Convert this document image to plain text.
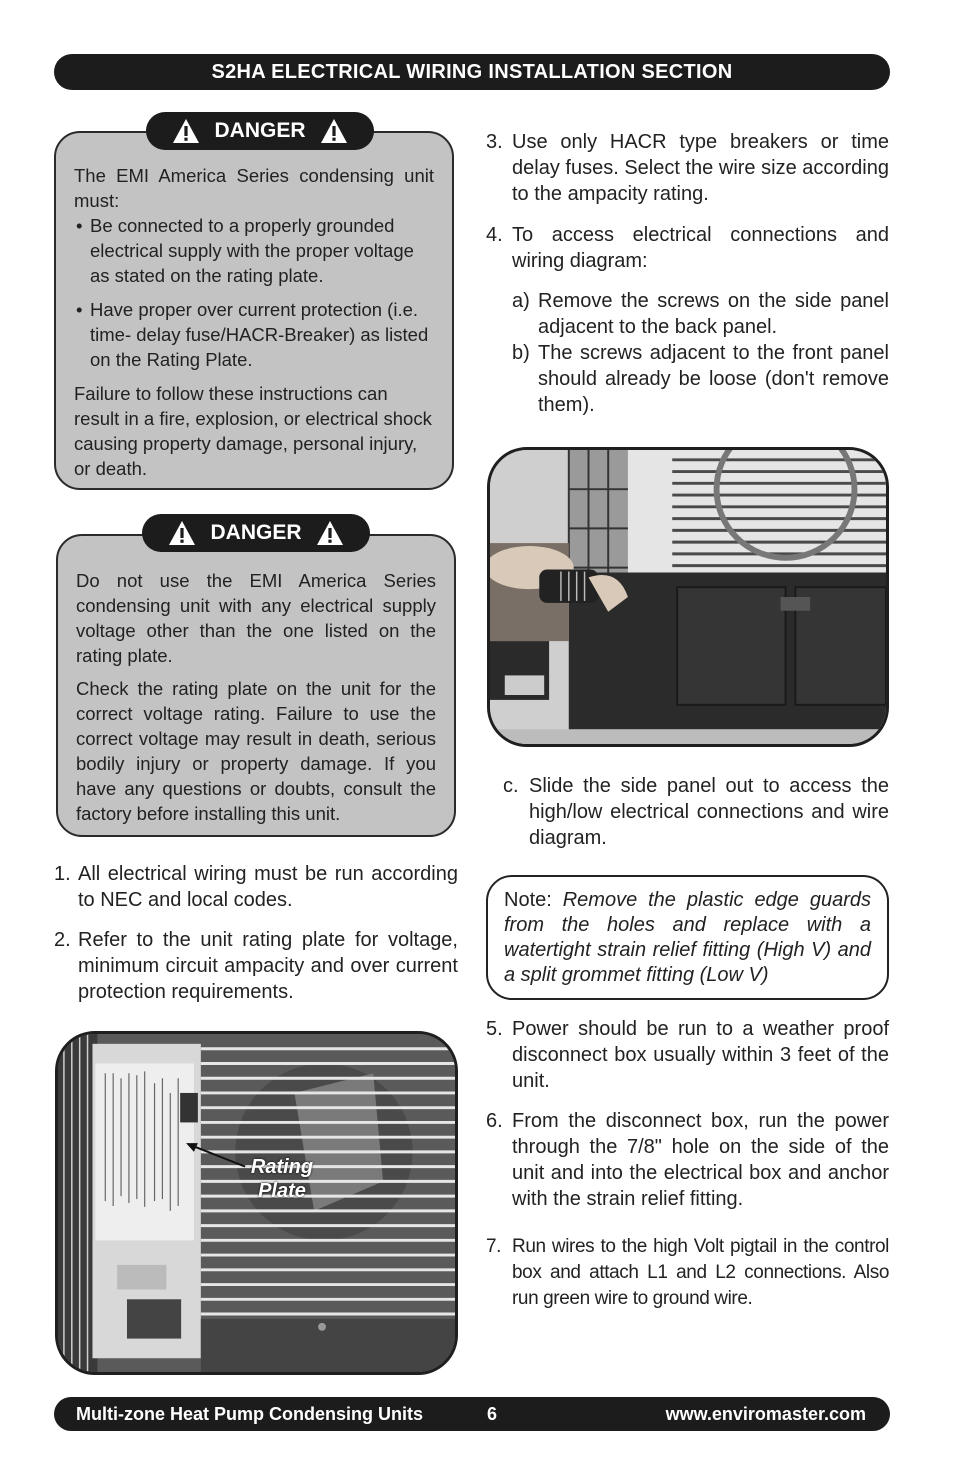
S2HA ELECTRICAL WIRING INSTALLATION SECTION

The EMI America Series condensing unit must:

• Be connected to a properly grounded electrical supply with the proper voltage as stated on the rating plate.

• Have proper over current protection (i.e. time- delay fuse/HACR-Breaker) as listed on the Rating Plate.

Failure to follow these instructions can result in a fire, explosion, or electrical shock causing property damage, personal injury, or death.

DANGER

Do not use the EMI America Series condensing unit with any electrical supply voltage other than the one listed on the rating plate.

Check the rating plate on the unit for the correct voltage rating. Failure to use the correct voltage may result in death, serious bodily injury or property damage. If you have any questions or doubts, consult the factory before installing this unit.

DANGER
1. All electrical wiring must be run according to NEC and local codes.
2. Refer to the unit rating plate for voltage, minimum circuit ampacity and over current protection requirements.
Rating
Plate
3. Use only HACR type breakers or time delay fuses. Select the wire size according to the ampacity rating.
4. To access electrical connections and wiring diagram:
a) Remove the screws on the side panel adjacent to the back panel.
b) The screws adjacent to the front panel should already be loose (don't remove them).
c. Slide the side panel out to access the high/low electrical connections and wire diagram.
Note: Remove the plastic edge guards from the holes and replace with a watertight strain relief fitting (High V) and a split grommet fitting (Low V)
5. Power should be run to a weather proof disconnect box usually within 3 feet of the unit.
6. From the disconnect box, run the power through the 7/8" hole on the side of the unit and into the electrical box and anchor with the strain relief fitting.
7. Run wires to the high Volt pigtail in the control box and attach L1 and L2 connections. Also run green wire to ground wire.
Multi-zone Heat Pump Condensing Units	6	www.enviromaster.com
